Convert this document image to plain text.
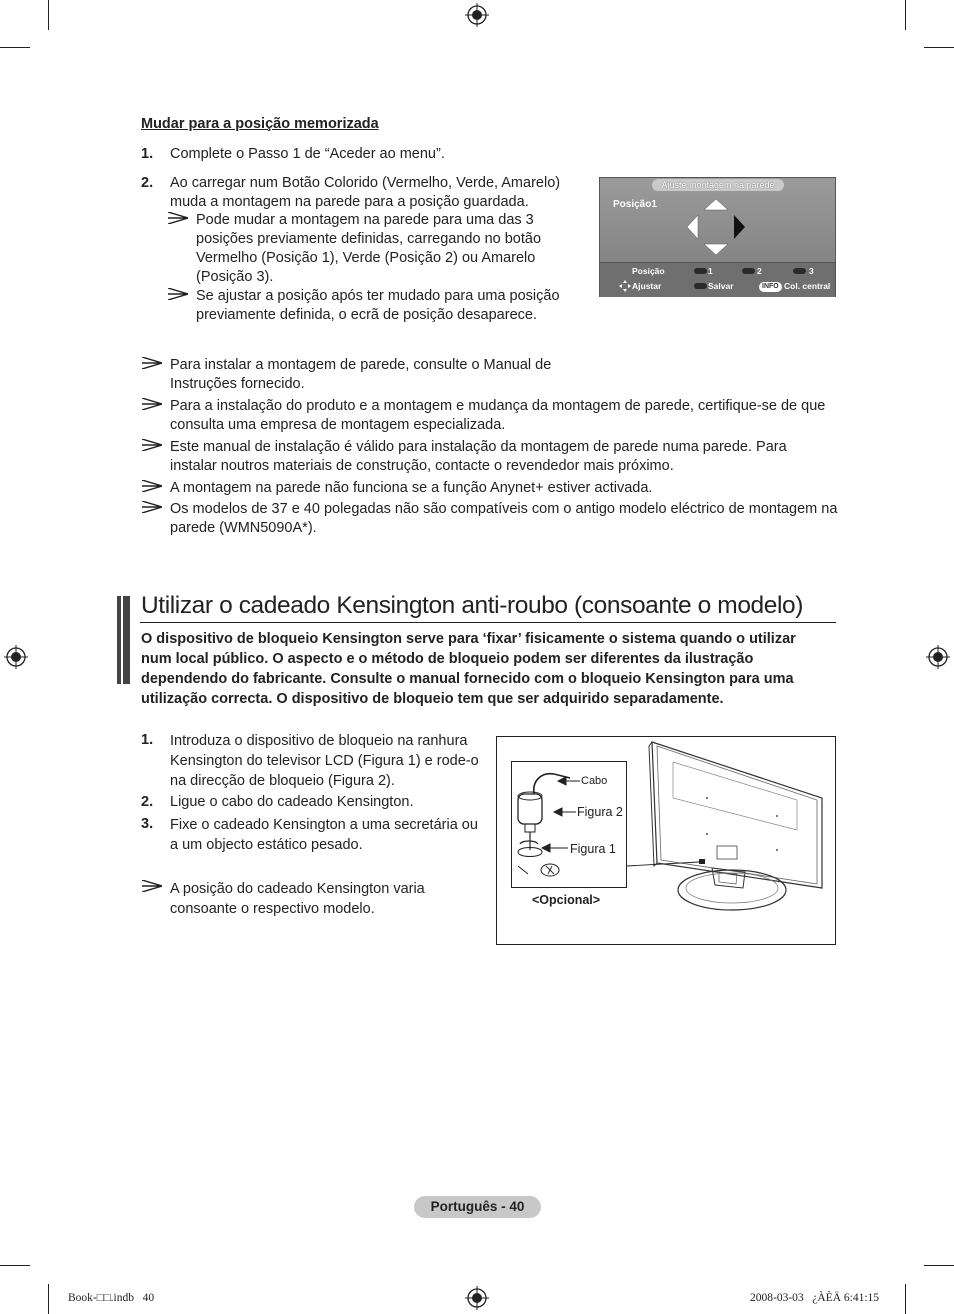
Mudar para a posição memorizada
1. Complete o Passo 1 de “Aceder ao menu”.
2. Ao carregar num Botão Colorido (Vermelho, Verde, Amarelo) muda a montagem na parede para a posição guardada.
Pode mudar a montagem na parede para uma das 3 posições previamente definidas, carregando no botão Vermelho (Posição 1), Verde (Posição 2) ou Amarelo (Posição 3).
Se ajustar a posição após ter mudado para uma posição previamente definida, o ecrã de posição desaparece.
Ajuste montagem na parede
Posição1
Posição	1	2	3
Ajustar	Salvar	INFO Col. central
Para instalar a montagem de parede, consulte o Manual de Instruções fornecido.
Para a instalação do produto e a montagem e mudança da montagem de parede, certifique-se de que consulta uma empresa de montagem especializada.
Este manual de instalação é válido para instalação da montagem de parede numa parede. Para instalar noutros materiais de construção, contacte o revendedor mais próximo.
A montagem na parede não funciona se a função Anynet+ estiver activada.
Os modelos de 37 e 40 polegadas não são compatíveis com o antigo modelo eléctrico de montagem na parede (WMN5090A*).
Utilizar o cadeado Kensington anti-roubo (consoante o modelo)
O dispositivo de bloqueio Kensington serve para ‘fixar’ fisicamente o sistema quando o utilizar num local público. O aspecto e o método de bloqueio podem ser diferentes da ilustração dependendo do fabricante. Consulte o manual fornecido com o bloqueio Kensington para uma utilização correcta. O dispositivo de bloqueio tem que ser adquirido separadamente.
1. Introduza o dispositivo de bloqueio na ranhura Kensington do televisor LCD (Figura 1) e rode-o na direcção de bloqueio (Figura 2).
2. Ligue o cabo do cadeado Kensington.
3. Fixe o cadeado Kensington a uma secretária ou a um objecto estático pesado.
A posição do cadeado Kensington varia consoante o respectivo modelo.
Cabo
Figura 2
Figura 1
<Opcional>
Português - 40
Book-□□.indb   40	2008-03-03   ¿ÀÈÄ 6:41:15
